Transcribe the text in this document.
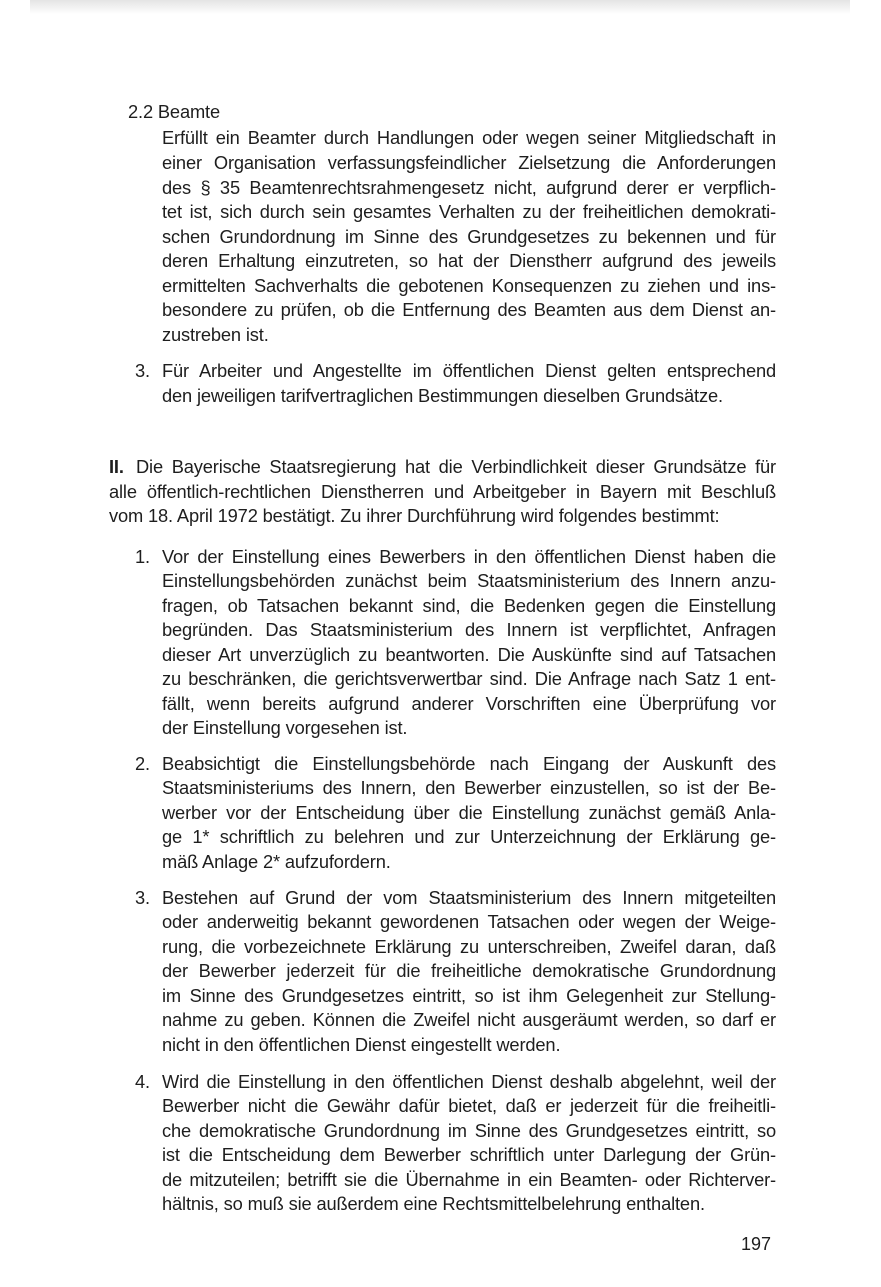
2.2 Beamte
Erfüllt ein Beamter durch Handlungen oder wegen seiner Mitgliedschaft in
einer Organisation verfassungsfeindlicher Zielsetzung die Anforderungen
des § 35 Beamtenrechtsrahmengesetz nicht, aufgrund derer er verpflich-
tet ist, sich durch sein gesamtes Verhalten zu der freiheitlichen demokrati-
schen Grundordnung im Sinne des Grundgesetzes zu bekennen und für
deren Erhaltung einzutreten, so hat der Dienstherr aufgrund des jeweils
ermittelten Sachverhalts die gebotenen Konsequenzen zu ziehen und ins-
besondere zu prüfen, ob die Entfernung des Beamten aus dem Dienst an-
zustreben ist.
3. Für Arbeiter und Angestellte im öffentlichen Dienst gelten entsprechend
den jeweiligen tarifvertraglichen Bestimmungen dieselben Grundsätze.
II. Die Bayerische Staatsregierung hat die Verbindlichkeit dieser Grundsätze für
alle öffentlich-rechtlichen Dienstherren und Arbeitgeber in Bayern mit Beschluß
vom 18. April 1972 bestätigt. Zu ihrer Durchführung wird folgendes bestimmt:
1. Vor der Einstellung eines Bewerbers in den öffentlichen Dienst haben die
Einstellungsbehörden zunächst beim Staatsministerium des Innern anzu-
fragen, ob Tatsachen bekannt sind, die Bedenken gegen die Einstellung
begründen. Das Staatsministerium des Innern ist verpflichtet, Anfragen
dieser Art unverzüglich zu beantworten. Die Auskünfte sind auf Tatsachen
zu beschränken, die gerichtsverwertbar sind. Die Anfrage nach Satz 1 ent-
fällt, wenn bereits aufgrund anderer Vorschriften eine Überprüfung vor
der Einstellung vorgesehen ist.
2. Beabsichtigt die Einstellungsbehörde nach Eingang der Auskunft des
Staatsministeriums des Innern, den Bewerber einzustellen, so ist der Be-
werber vor der Entscheidung über die Einstellung zunächst gemäß Anla-
ge 1* schriftlich zu belehren und zur Unterzeichnung der Erklärung ge-
mäß Anlage 2* aufzufordern.
3. Bestehen auf Grund der vom Staatsministerium des Innern mitgeteilten
oder anderweitig bekannt gewordenen Tatsachen oder wegen der Weige-
rung, die vorbezeichnete Erklärung zu unterschreiben, Zweifel daran, daß
der Bewerber jederzeit für die freiheitliche demokratische Grundordnung
im Sinne des Grundgesetzes eintritt, so ist ihm Gelegenheit zur Stellung-
nahme zu geben. Können die Zweifel nicht ausgeräumt werden, so darf er
nicht in den öffentlichen Dienst eingestellt werden.
4. Wird die Einstellung in den öffentlichen Dienst deshalb abgelehnt, weil der
Bewerber nicht die Gewähr dafür bietet, daß er jederzeit für die freiheitli-
che demokratische Grundordnung im Sinne des Grundgesetzes eintritt, so
ist die Entscheidung dem Bewerber schriftlich unter Darlegung der Grün-
de mitzuteilen; betrifft sie die Übernahme in ein Beamten- oder Richterver-
hältnis, so muß sie außerdem eine Rechtsmittelbelehrung enthalten.
197
